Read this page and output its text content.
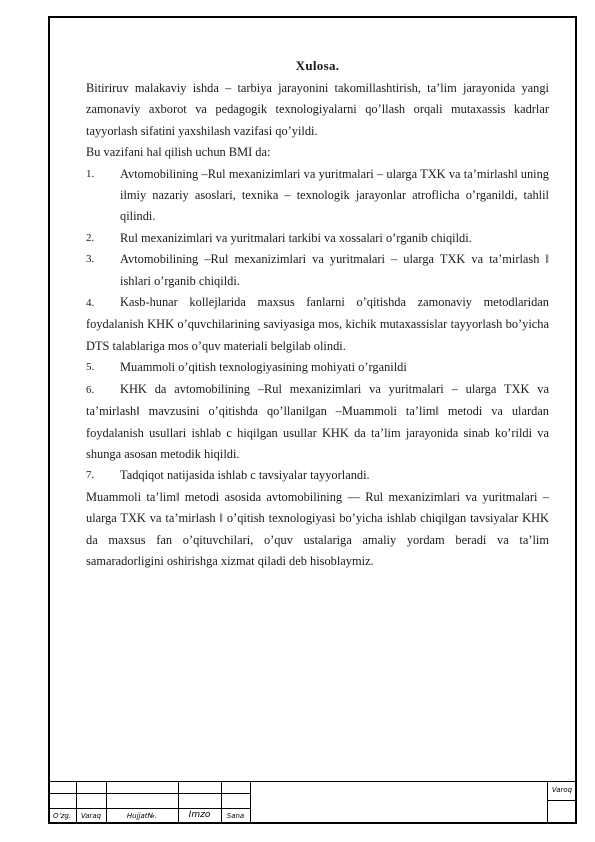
Xulosa.

Bitiriruv malakaviy ishda – tarbiya jarayonini takomillashtirish, ta’lim jarayonida yangi zamonaviy axborot va pedagogik texnologiyalarni qo’llash orqali mutaxassis kadrlar tayyorlash sifatini yaxshilash vazifasi qo’yildi.

Bu vazifani hal qilish uchun BMI da:

1.	Avtomobilining ‒Rul mexanizimlari va yuritmalari – ularga TXK va ta’mirlash‖ uning ilmiy nazariy asoslari, texnika – texnologik jarayonlar atroflicha o’rganildi, tahlil qilindi.
2.	Rul mexanizimlari va yuritmalari tarkibi va xossalari o’rganib chiqildi.
3.	Avtomobilining ‒Rul mexanizimlari va yuritmalari – ularga TXK va ta’mirlash ‖ ishlari o’rganib chiqildi.
4. Kasb-hunar kollejlarida maxsus fanlarni o’qitishda zamonaviy metodlaridan foydalanish KHK o’quvchilarining saviyasiga mos, kichik mutaxassislar tayyorlash bo’yicha DTS talablariga mos o’quv materiali belgilab olindi.
5.	Muammoli o’qitish texnologiyasining mohiyati o’rganildi
6. KHK da avtomobilining ‒Rul mexanizimlari va yuritmalari – ularga TXK va ta’mirlash‖ mavzusini o’qitishda qo’llanilgan ‒Muammoli ta’lim‖ metodi va ulardan foydalanish usullari ishlab c hiqilgan usullar KHK da ta’lim jarayonida sinab ko’rildi va shunga asosan metodik hiqildi.
7.	Tadqiqot natijasida ishlab c tavsiyalar tayyorlandi.

Muammoli ta’lim‖ metodi asosida avtomobilining ― Rul mexanizimlari va yuritmalari – ularga TXK va ta’mirlash ‖ o’qitish texnologiyasi bo’yicha ishlab chiqilgan tavsiyalar KHK da maxsus fan o’qituvchilari, o’quv ustalariga amaliy yordam beradi va ta’lim samaradorligini oshirishga xizmat qiladi deb hisoblaymiz.

O’zg.	Varaq	Hujjat№.	Imzo	Sana
Varoq
